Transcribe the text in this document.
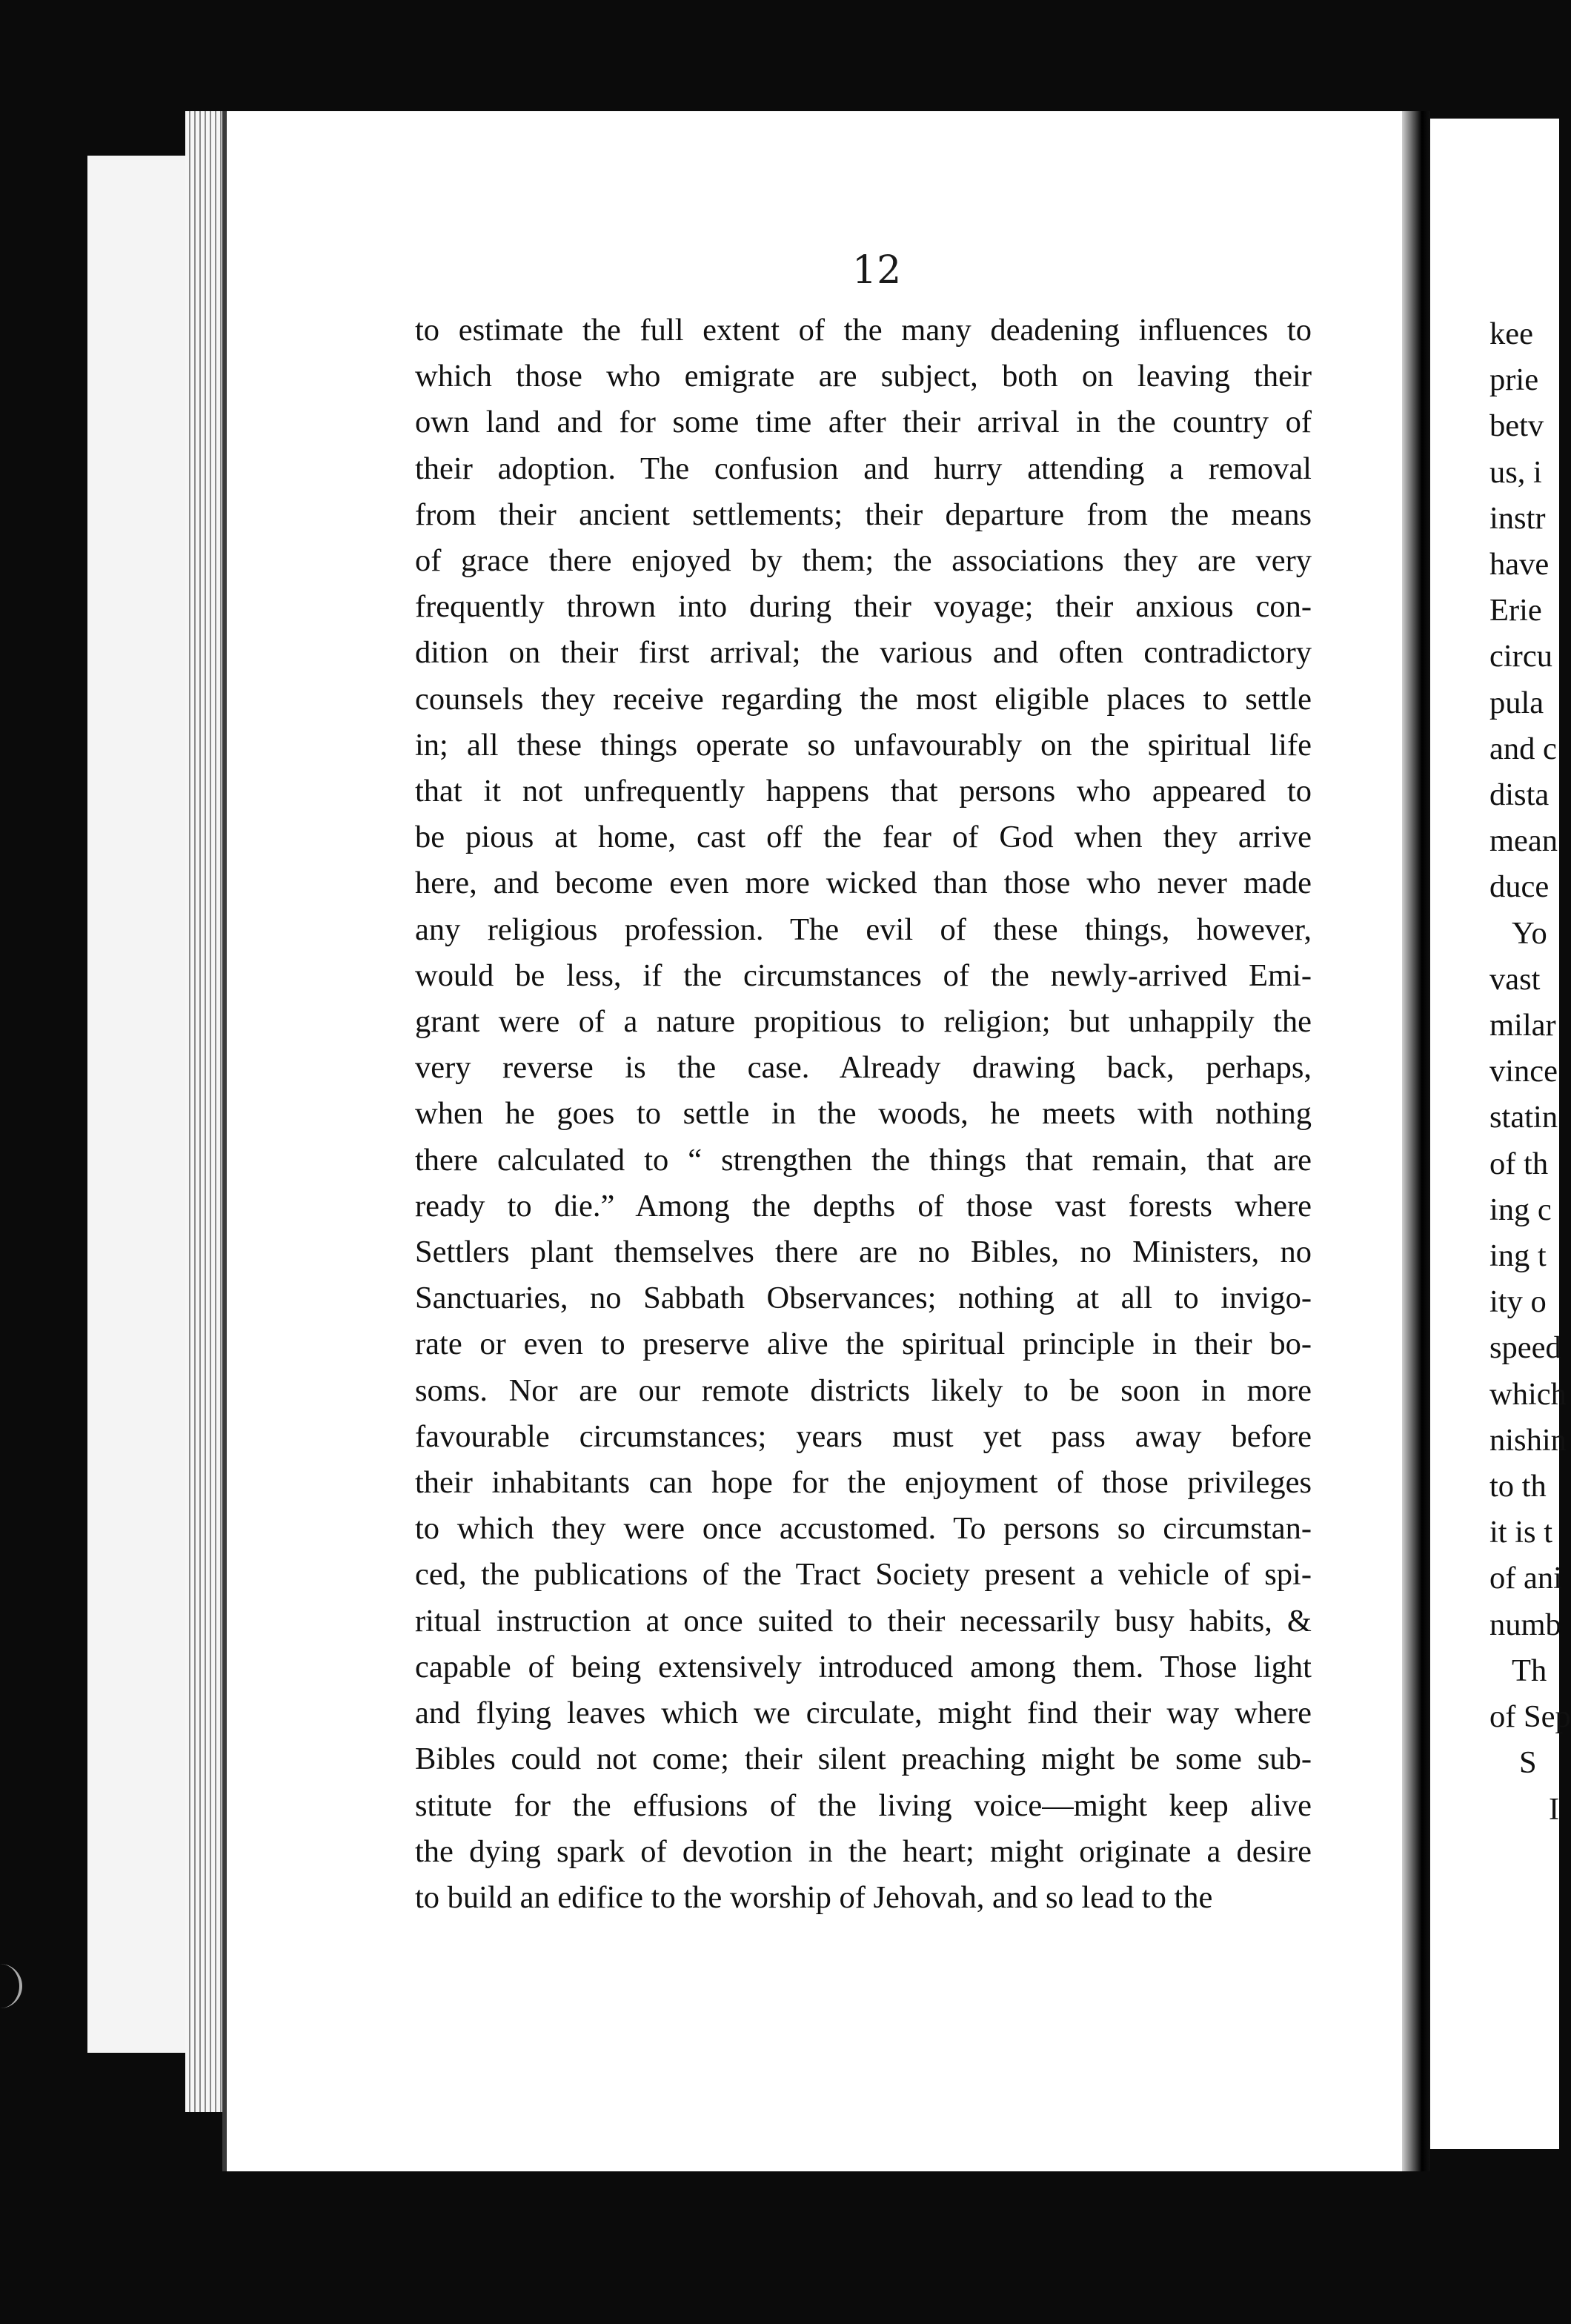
12
to estimate the full extent of the many deadening influences to
which those who emigrate are subject, both on leaving their
own land and for some time after their arrival in the country of
their adoption. The confusion and hurry attending a removal
from their ancient settlements; their departure from the means
of grace there enjoyed by them; the associations they are very
frequently thrown into during their voyage; their anxious con-
dition on their first arrival; the various and often contradictory
counsels they receive regarding the most eligible places to settle
in; all these things operate so unfavourably on the spiritual life
that it not unfrequently happens that persons who appeared to
be pious at home, cast off the fear of God when they arrive
here, and become even more wicked than those who never made
any religious profession. The evil of these things, however,
would be less, if the circumstances of the newly-arrived Emi-
grant were of a nature propitious to religion; but unhappily the
very reverse is the case. Already drawing back, perhaps,
when he goes to settle in the woods, he meets with nothing
there calculated to “ strengthen the things that remain, that are
ready to die.” Among the depths of those vast forests where
Settlers plant themselves there are no Bibles, no Ministers, no
Sanctuaries, no Sabbath Observances; nothing at all to invigo-
rate or even to preserve alive the spiritual principle in their bo-
soms. Nor are our remote districts likely to be soon in more
favourable circumstances; years must yet pass away before
their inhabitants can hope for the enjoyment of those privileges
to which they were once accustomed. To persons so circumstan-
ced, the publications of the Tract Society present a vehicle of spi-
ritual instruction at once suited to their necessarily busy habits, &
capable of being extensively introduced among them. Those light
and flying leaves which we circulate, might find their way where
Bibles could not come; their silent preaching might be some sub-
stitute for the effusions of the living voice—might keep alive
the dying spark of devotion in the heart; might originate a desire
to build an edifice to the worship of Jehovah, and so lead to the
kee
prie
betv
us, i
instr
have
Erie
circu
pula
and c
dista
mean
duce
Yo
vast
milar
vince
statin
of th
ing c
ing t
ity o
speed
which
nishin
to th
it is t
of ani
numb
Th
of Sep
S
I
